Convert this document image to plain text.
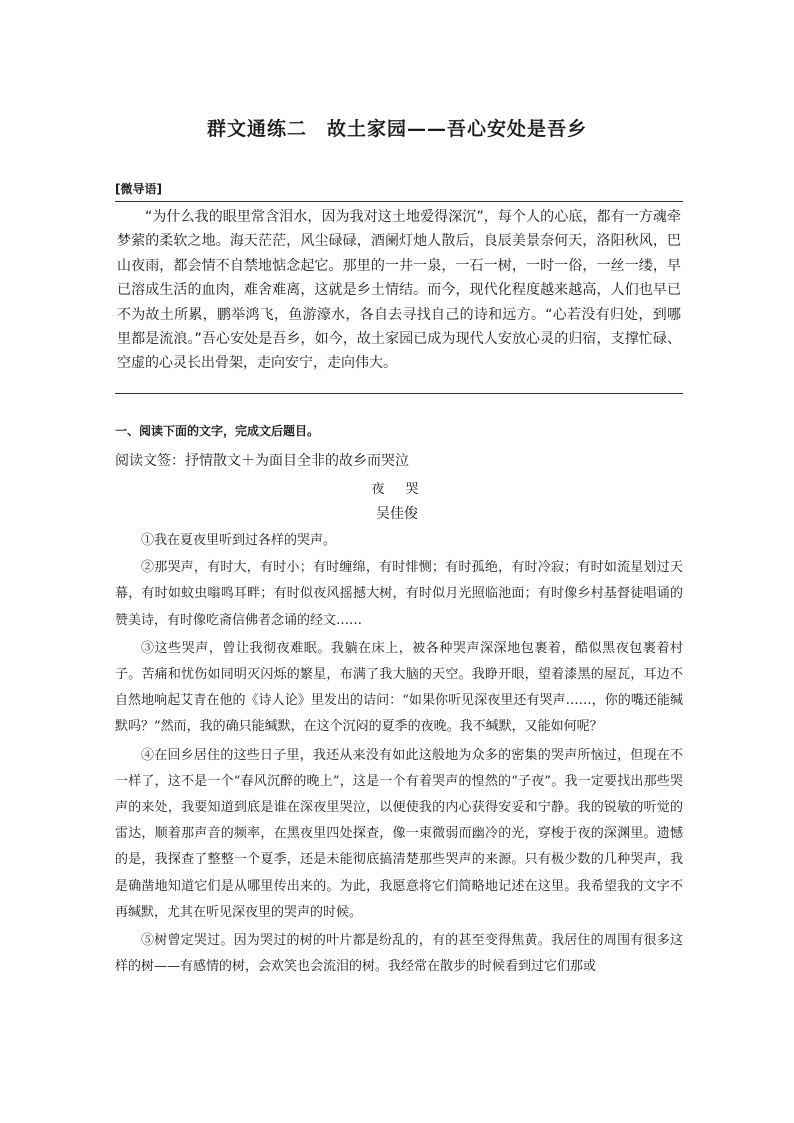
群文通练二　故土家园——吾心安处是吾乡
[微导语]
“为什么我的眼里常含泪水，因为我对这土地爱得深沉”，每个人的心底，都有一方魂牵梦萦的柔软之地。海天茫茫，风尘碌碌，酒阑灯灺人散后，良辰美景奈何天，洛阳秋风，巴山夜雨，都会情不自禁地惦念起它。那里的一井一泉，一石一树，一时一俗，一丝一缕，早已溶成生活的血肉，难舍难离，这就是乡土情结。而今，现代化程度越来越高，人们也早已不为故土所累，鹏举鸿飞，鱼游濠水，各自去寻找自己的诗和远方。“心若没有归处，到哪里都是流浪。”吾心安处是吾乡，如今，故土家园已成为现代人安放心灵的归宿，支撑忙碌、空虚的心灵长出骨架，走向安宁，走向伟大。
一、阅读下面的文字，完成文后题目。
阅读文签：抒情散文＋为面目全非的故乡而哭泣
夜　哭
吴佳俊

①我在夏夜里听到过各样的哭声。

②那哭声，有时大，有时小；有时缠绵，有时悱恻；有时孤绝，有时冷寂；有时如流星划过天幕，有时如蚊虫嗡鸣耳畔；有时似夜风摇撼大树，有时似月光照临池面；有时像乡村基督徒唱诵的赞美诗，有时像吃斋信佛者念诵的经文……

③这些哭声，曾让我彻夜难眠。我躺在床上，被各种哭声深深地包裹着，酷似黑夜包裹着村子。苦痛和忧伤如同明灭闪烁的繁星，布满了我大脑的天空。我睁开眼，望着漆黑的屋瓦，耳边不自然地响起艾青在他的《诗人论》里发出的诘问：“如果你听见深夜里还有哭声……，你的嘴还能缄默吗？”然而，我的确只能缄默，在这个沉闷的夏季的夜晚。我不缄默，又能如何呢？

④在回乡居住的这些日子里，我还从来没有如此这般地为众多的密集的哭声所恼过，但现在不一样了，这不是一个“春风沉醉的晚上”，这是一个有着哭声的惶然的“子夜”。我一定要找出那些哭声的来处，我要知道到底是谁在深夜里哭泣，以便使我的内心获得安妥和宁静。我的锐敏的听觉的雷达，顺着那声音的频率，在黑夜里四处探查，像一束微弱而幽冷的光，穿梭于夜的深渊里。遗憾的是，我探查了整整一个夏季，还是未能彻底搞清楚那些哭声的来源。只有极少数的几种哭声，我是确凿地知道它们是从哪里传出来的。为此，我愿意将它们简略地记述在这里。我希望我的文字不再缄默，尤其在听见深夜里的哭声的时候。

⑤树曾定哭过。因为哭过的树的叶片都是纷乱的，有的甚至变得焦黄。我居住的周围有很多这样的树——有感情的树，会欢笑也会流泪的树。我经常在散步的时候看到过它们那或
